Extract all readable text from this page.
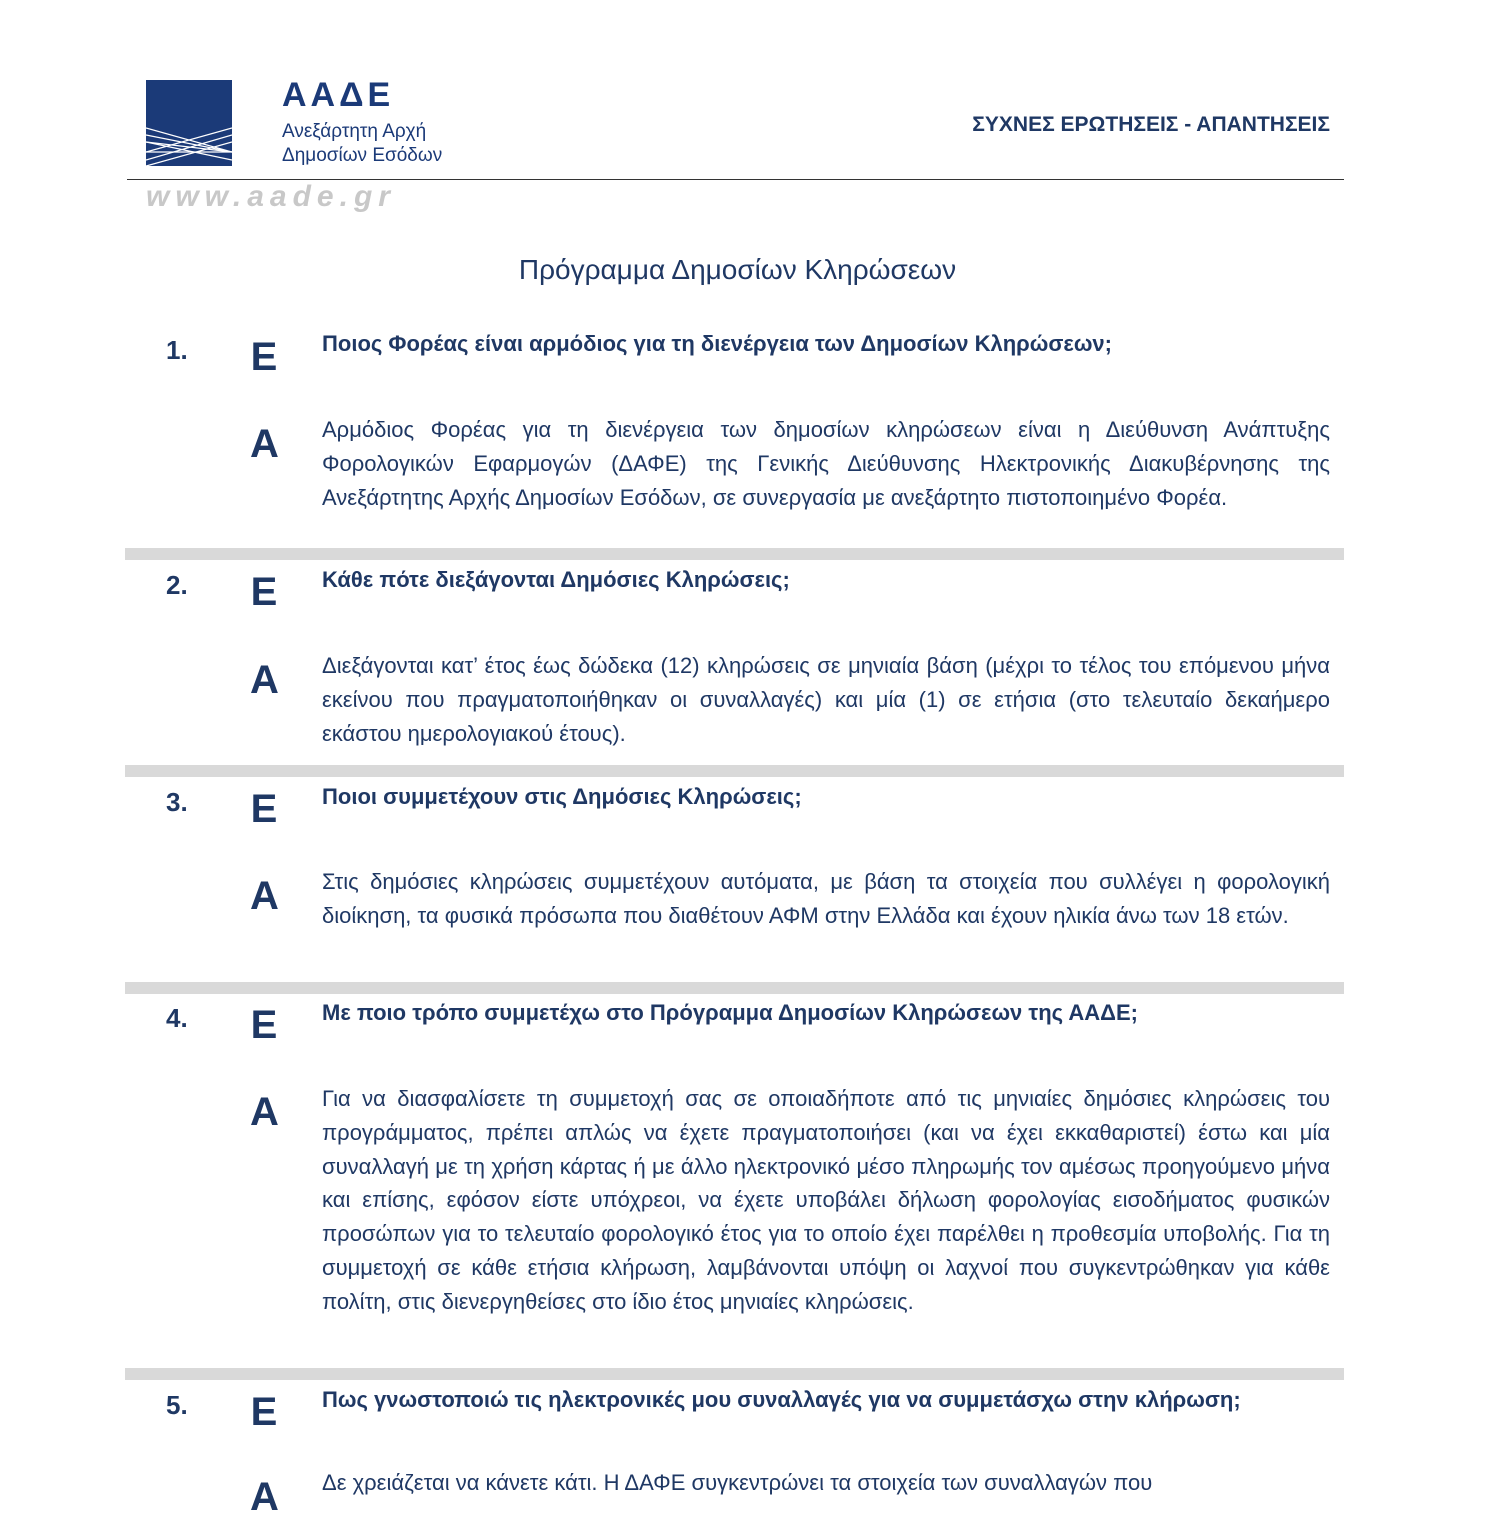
ΑΑΔΕ
Ανεξάρτητη Αρχή
Δημοσίων Εσόδων
ΣΥΧΝΕΣ ΕΡΩΤΗΣΕΙΣ - ΑΠΑΝΤΗΣΕΙΣ
www.aade.gr
Πρόγραμμα Δημοσίων Κληρώσεων
1. Ε Ποιος Φορέας είναι αρμόδιος για τη διενέργεια των Δημοσίων Κληρώσεων;
Α Αρμόδιος Φορέας για τη διενέργεια των δημοσίων κληρώσεων είναι η Διεύθυνση Ανάπτυξης Φορολογικών Εφαρμογών (ΔΑΦΕ) της Γενικής Διεύθυνσης Ηλεκτρονικής Διακυβέρνησης της Ανεξάρτητης Αρχής Δημοσίων Εσόδων, σε συνεργασία με ανεξάρτητο πιστοποιημένο Φορέα.
2. Ε Κάθε πότε διεξάγονται Δημόσιες Κληρώσεις;
Α Διεξάγονται κατ’ έτος έως δώδεκα (12) κληρώσεις σε μηνιαία βάση (μέχρι το τέλος του επόμενου μήνα εκείνου που πραγματοποιήθηκαν οι συναλλαγές) και μία (1) σε ετήσια (στο τελευταίο δεκαήμερο εκάστου ημερολογιακού έτους).
3. Ε Ποιοι συμμετέχουν στις Δημόσιες Κληρώσεις;
Α Στις δημόσιες κληρώσεις συμμετέχουν αυτόματα, με βάση τα στοιχεία που συλλέγει η φορολογική διοίκηση, τα φυσικά πρόσωπα που διαθέτουν ΑΦΜ στην Ελλάδα και έχουν ηλικία άνω των 18 ετών.
4. Ε Με ποιο τρόπο συμμετέχω στο Πρόγραμμα Δημοσίων Κληρώσεων της ΑΑΔΕ;
Α Για να διασφαλίσετε τη συμμετοχή σας σε οποιαδήποτε από τις μηνιαίες δημόσιες κληρώσεις του προγράμματος, πρέπει απλώς να έχετε πραγματοποιήσει (και να έχει εκκαθαριστεί) έστω και μία συναλλαγή με τη χρήση κάρτας ή με άλλο ηλεκτρονικό μέσο πληρωμής τον αμέσως προηγούμενο μήνα και επίσης, εφόσον είστε υπόχρεοι, να έχετε υποβάλει δήλωση φορολογίας εισοδήματος φυσικών προσώπων για το τελευταίο φορολογικό έτος για το οποίο έχει παρέλθει η προθεσμία υποβολής. Για τη συμμετοχή σε κάθε ετήσια κλήρωση, λαμβάνονται υπόψη οι λαχνοί που συγκεντρώθηκαν για κάθε πολίτη, στις διενεργηθείσες στο ίδιο έτος μηνιαίες κληρώσεις.
5. Ε Πως γνωστοποιώ τις ηλεκτρονικές μου συναλλαγές για να συμμετάσχω στην κλήρωση;
Α Δε χρειάζεται να κάνετε κάτι. Η ΔΑΦΕ συγκεντρώνει τα στοιχεία των συναλλαγών που
